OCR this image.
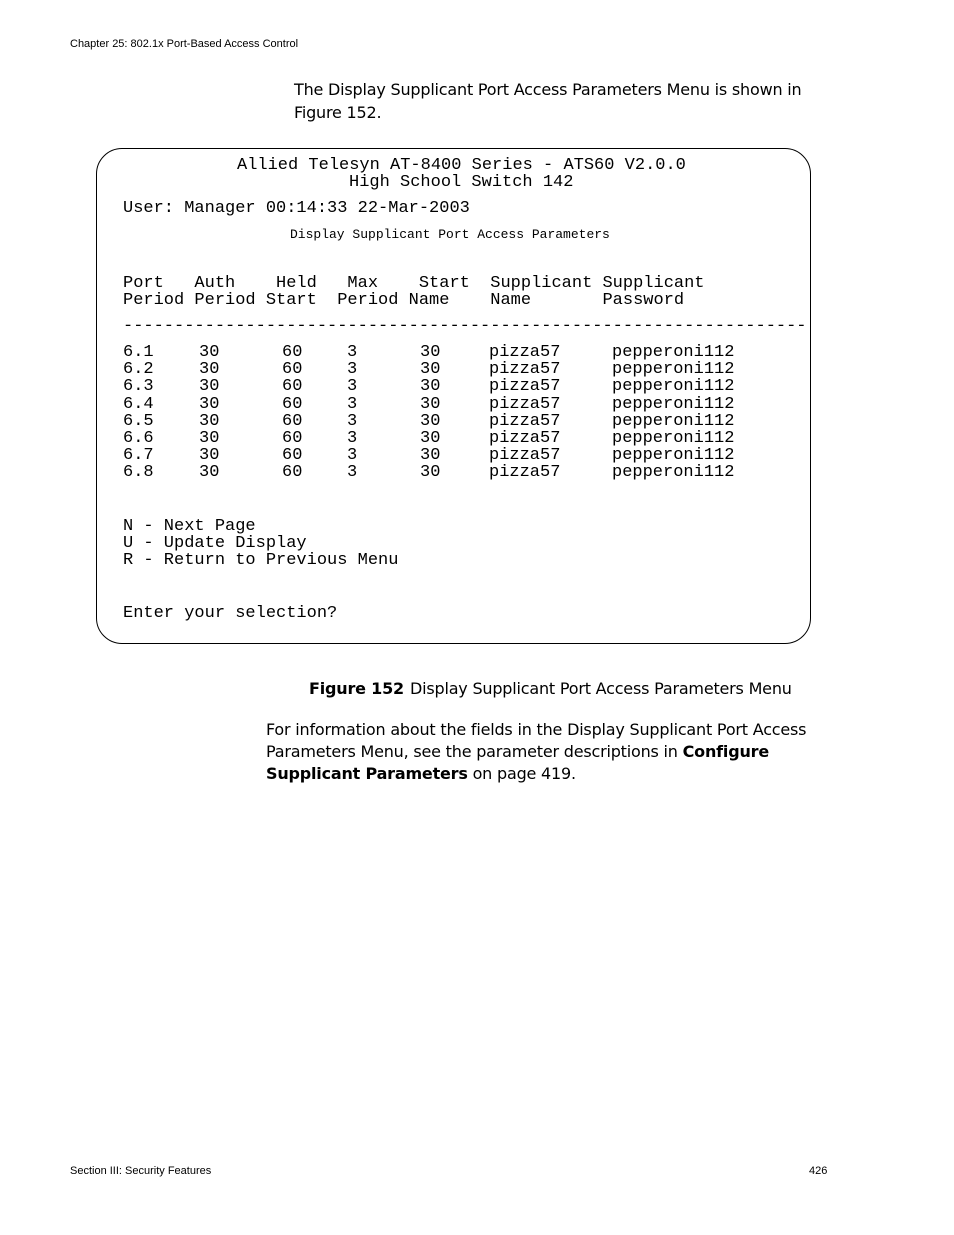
Chapter 25: 802.1x Port-Based Access Control
The Display Supplicant Port Access Parameters Menu is shown in
Figure 152.
Allied Telesyn AT-8400 Series - ATS60 V2.0.0
High School Switch 142
User: Manager 00:14:33 22-Mar-2003
Display Supplicant Port Access Parameters
Port   Auth    Held   Max    Start  Supplicant Supplicant
Period Period Start  Period Name    Name       Password
-------------------------------------------------------------------
6.1	30	60	3	30	pizza57	pepperoni112
6.2	30	60	3	30	pizza57	pepperoni112
6.3	30	60	3	30	pizza57	pepperoni112
6.4	30	60	3	30	pizza57	pepperoni112
6.5	30	60	3	30	pizza57	pepperoni112
6.6	30	60	3	30	pizza57	pepperoni112
6.7	30	60	3	30	pizza57	pepperoni112
6.8	30	60	3	30	pizza57	pepperoni112
N - Next Page
U - Update Display
R - Return to Previous Menu
Enter your selection?
Figure 152 Display Supplicant Port Access Parameters Menu
For information about the fields in the Display Supplicant Port Access Parameters Menu, see the parameter descriptions in Configure Supplicant Parameters on page 419.
Section III: Security Features	426
